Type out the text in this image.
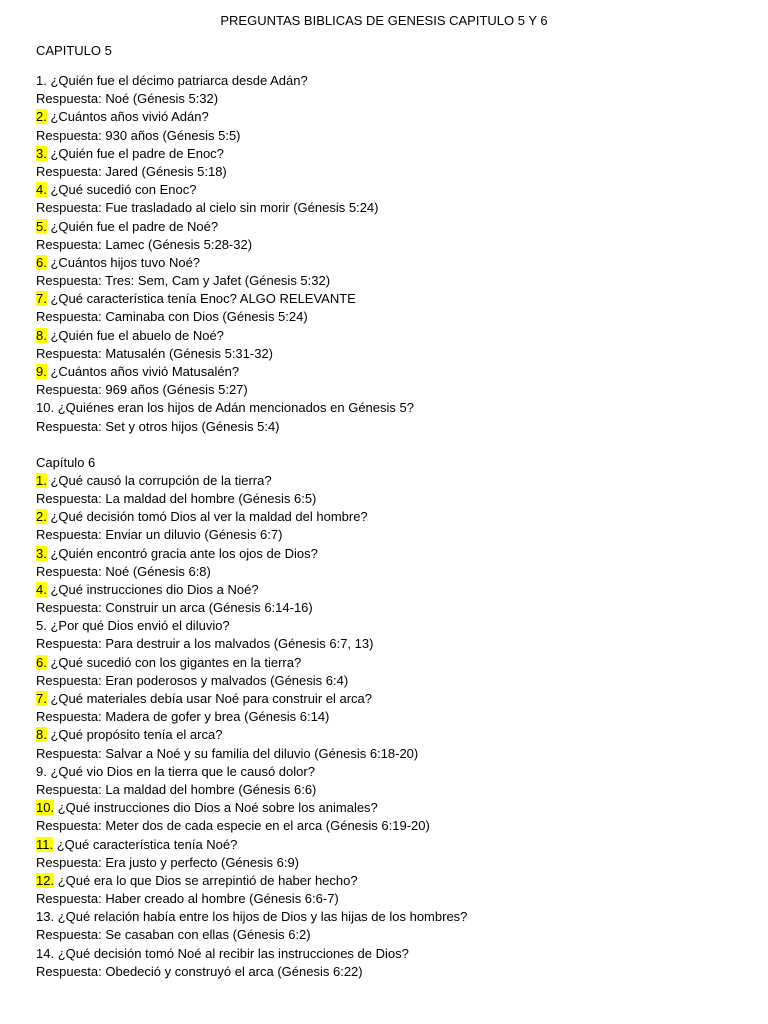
PREGUNTAS BIBLICAS DE GENESIS CAPITULO 5 Y 6
CAPITULO 5
1. ¿Quién fue el décimo patriarca desde Adán?
Respuesta: Noé (Génesis 5:32)
2. ¿Cuántos años vivió Adán?
Respuesta: 930 años (Génesis 5:5)
3. ¿Quién fue el padre de Enoc?
Respuesta: Jared (Génesis 5:18)
4. ¿Qué sucedió con Enoc?
Respuesta: Fue trasladado al cielo sin morir (Génesis 5:24)
5. ¿Quién fue el padre de Noé?
Respuesta: Lamec (Génesis 5:28-32)
6. ¿Cuántos hijos tuvo Noé?
Respuesta: Tres: Sem, Cam y Jafet (Génesis 5:32)
7. ¿Qué característica tenía Enoc? ALGO RELEVANTE
Respuesta: Caminaba con Dios (Génesis 5:24)
8. ¿Quién fue el abuelo de Noé?
Respuesta: Matusalén (Génesis 5:31-32)
9. ¿Cuántos años vivió Matusalén?
Respuesta: 969 años (Génesis 5:27)
10. ¿Quiénes eran los hijos de Adán mencionados en Génesis 5?
Respuesta: Set y otros hijos (Génesis 5:4)
Capítulo 6
1. ¿Qué causó la corrupción de la tierra?
Respuesta: La maldad del hombre (Génesis 6:5)
2. ¿Qué decisión tomó Dios al ver la maldad del hombre?
Respuesta: Enviar un diluvio (Génesis 6:7)
3. ¿Quién encontró gracia ante los ojos de Dios?
Respuesta: Noé (Génesis 6:8)
4. ¿Qué instrucciones dio Dios a Noé?
Respuesta: Construir un arca (Génesis 6:14-16)
5. ¿Por qué Dios envió el diluvio?
Respuesta: Para destruir a los malvados (Génesis 6:7, 13)
6. ¿Qué sucedió con los gigantes en la tierra?
Respuesta: Eran poderosos y malvados (Génesis 6:4)
7. ¿Qué materiales debía usar Noé para construir el arca?
Respuesta: Madera de gofer y brea (Génesis 6:14)
8. ¿Qué propósito tenía el arca?
Respuesta: Salvar a Noé y su familia del diluvio (Génesis 6:18-20)
9. ¿Qué vio Dios en la tierra que le causó dolor?
Respuesta: La maldad del hombre (Génesis 6:6)
10. ¿Qué instrucciones dio Dios a Noé sobre los animales?
Respuesta: Meter dos de cada especie en el arca (Génesis 6:19-20)
11. ¿Qué característica tenía Noé?
Respuesta: Era justo y perfecto (Génesis 6:9)
12. ¿Qué era lo que Dios se arrepintió de haber hecho?
Respuesta: Haber creado al hombre (Génesis 6:6-7)
13. ¿Qué relación había entre los hijos de Dios y las hijas de los hombres?
Respuesta: Se casaban con ellas (Génesis 6:2)
14. ¿Qué decisión tomó Noé al recibir las instrucciones de Dios?
Respuesta: Obedeció y construyó el arca (Génesis 6:22)
